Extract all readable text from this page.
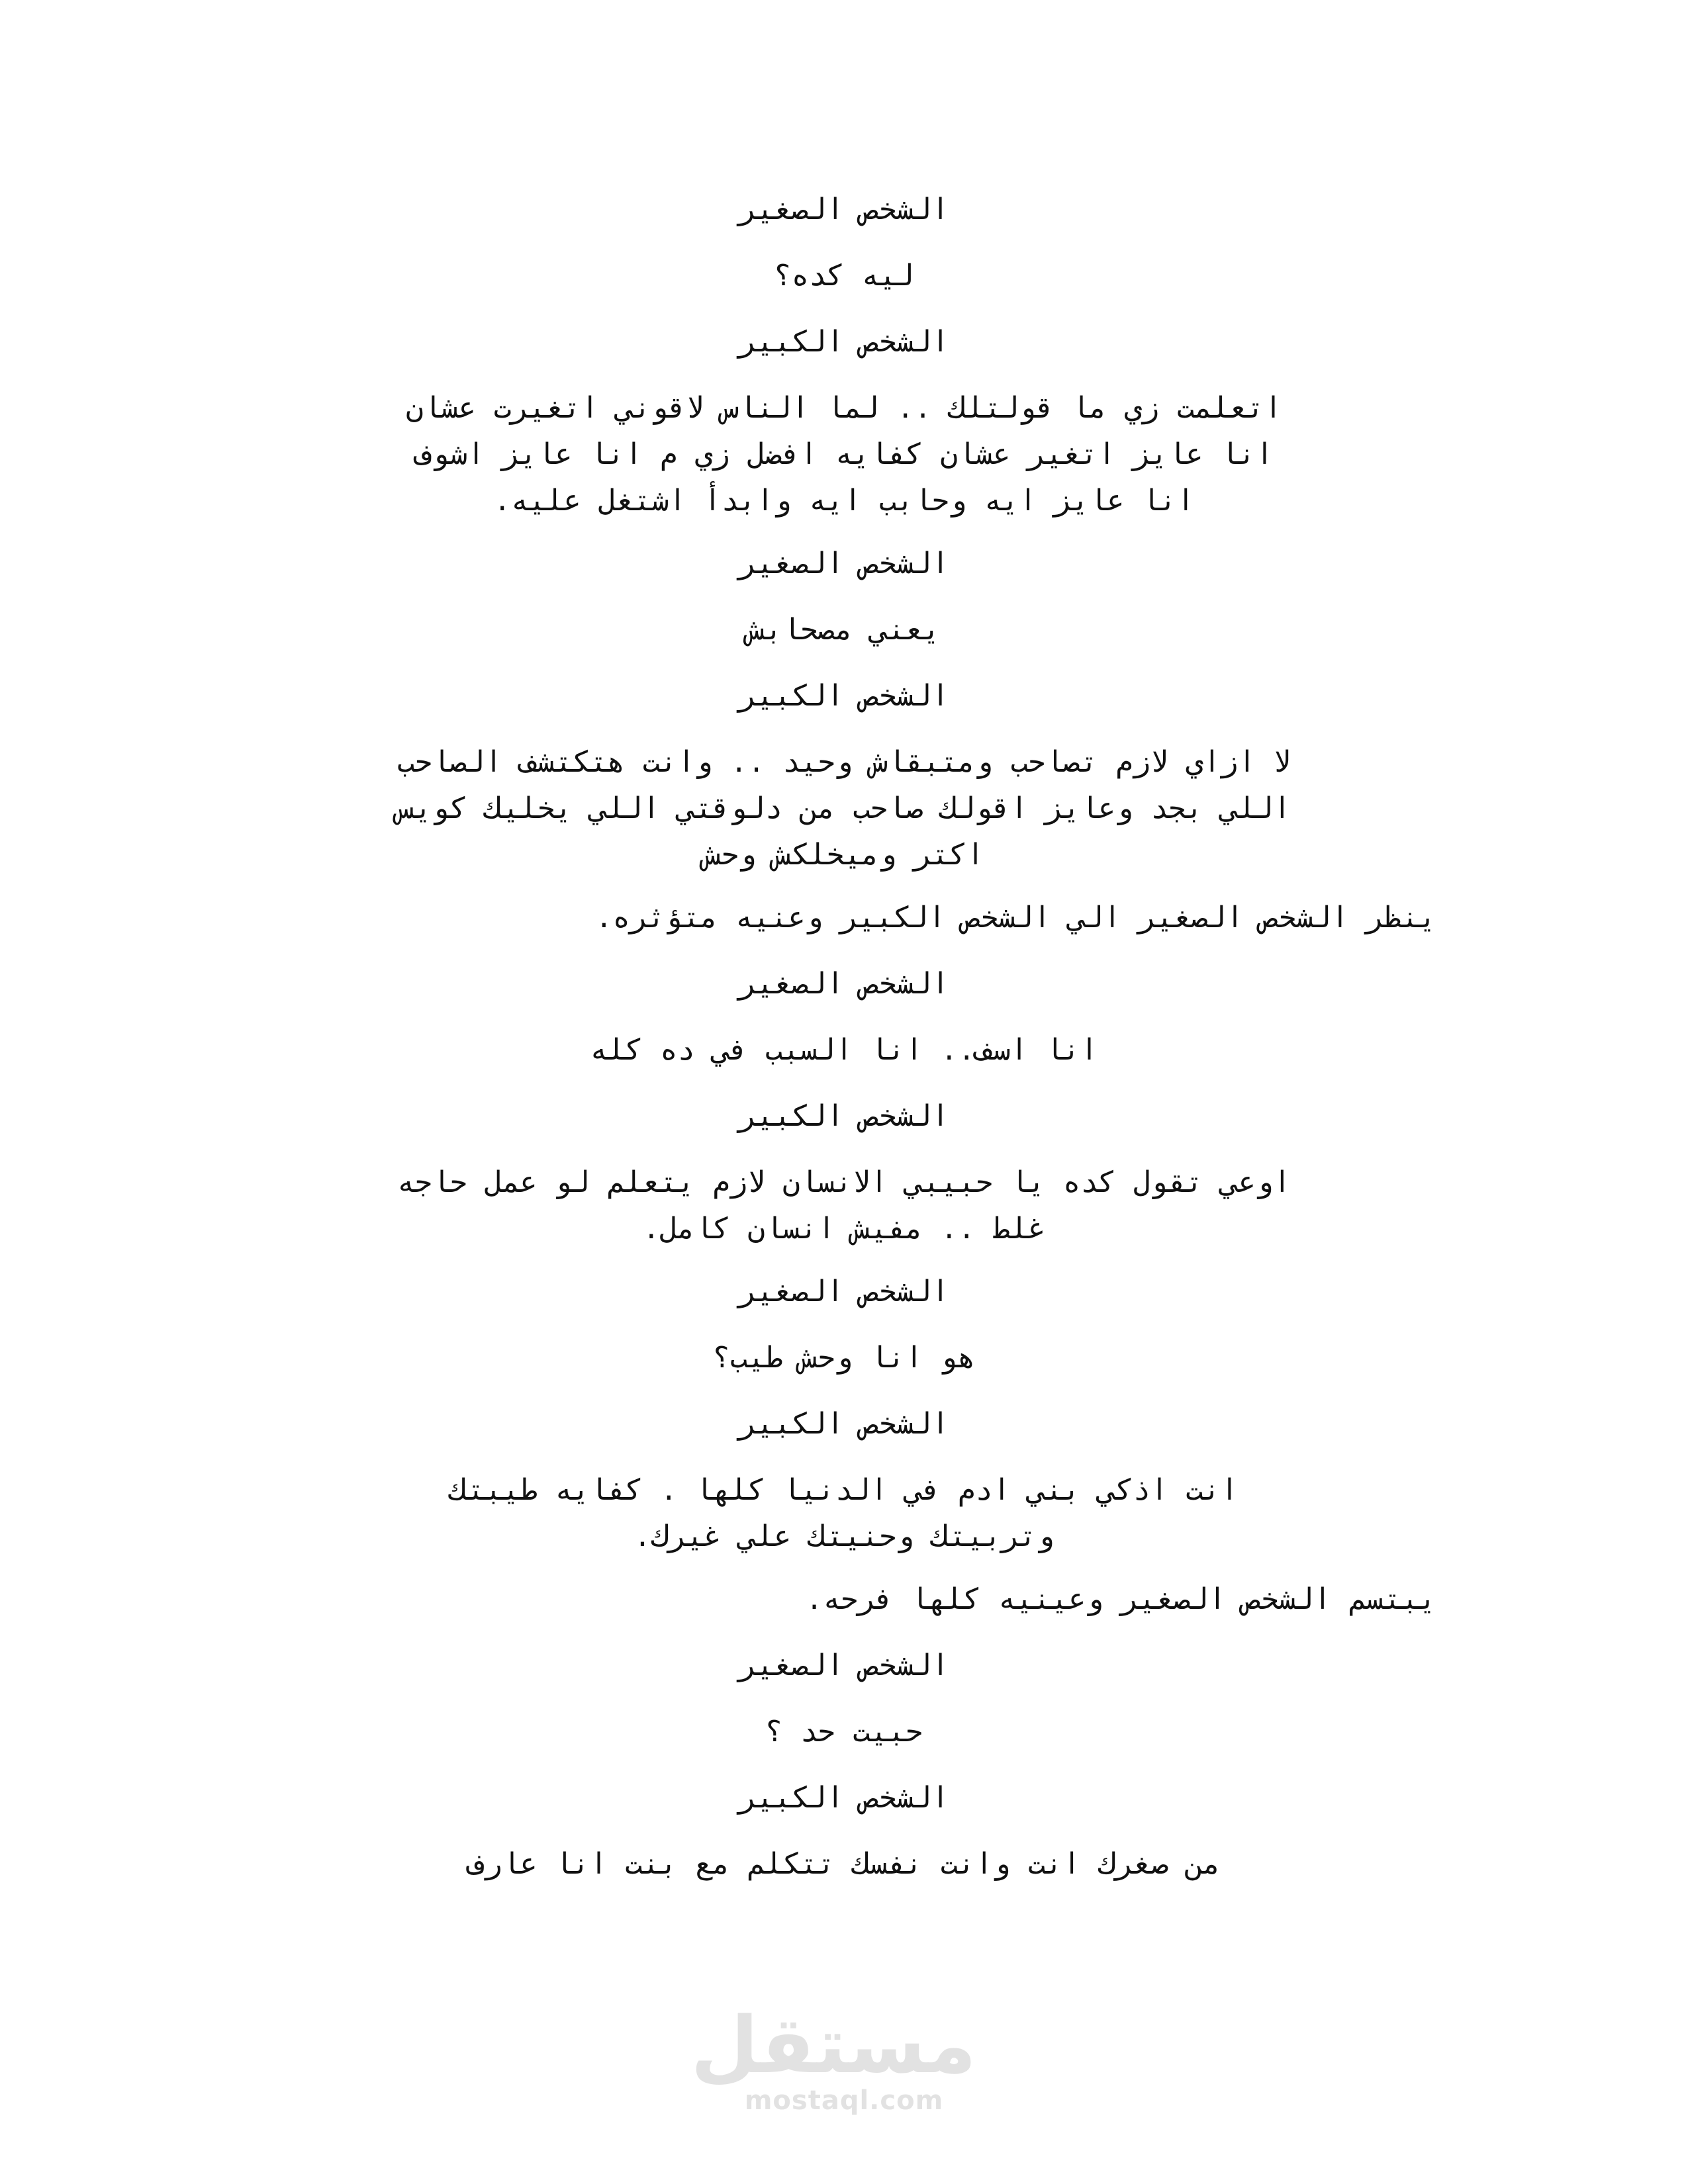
الشخص الصغير
ليه كده؟
الشخص الكبير
اتعلمت زي ما قولتلك .. لما الناس لاقوني اتغيرت عشان
انا عايز اتغير عشان كفايه افضل زي م انا عايز اشوف
انا عايز ايه وحابب ايه وابدأ اشتغل عليه.
الشخص الصغير
يعني مصحابش
الشخص الكبير
لا ازاي لازم تصاحب ومتبقاش وحيد .. وانت هتكتشف الصاحب
اللي بجد وعايز اقولك صاحب من دلوقتي اللي يخليك كويس
اكتر وميخلكش وحش
ينظر الشخص الصغير الي الشخص الكبير وعنيه متؤثره.
الشخص الصغير
انا اسف.. انا السبب في ده كله
الشخص الكبير
اوعي تقول كده يا حبيبي الانسان لازم يتعلم لو عمل حاجه
غلط .. مفيش انسان كامل.
الشخص الصغير
هو انا وحش طيب؟
الشخص الكبير
انت اذكي بني ادم في الدنيا كلها . كفايه طيبتك
وتربيتك وحنيتك علي غيرك.
يبتسم الشخص الصغير وعينيه كلها فرحه.
الشخص الصغير
حبيت حد ؟
الشخص الكبير
من صغرك انت وانت نفسك تتكلم مع بنت انا عارف
مستقل
mostaql.com
